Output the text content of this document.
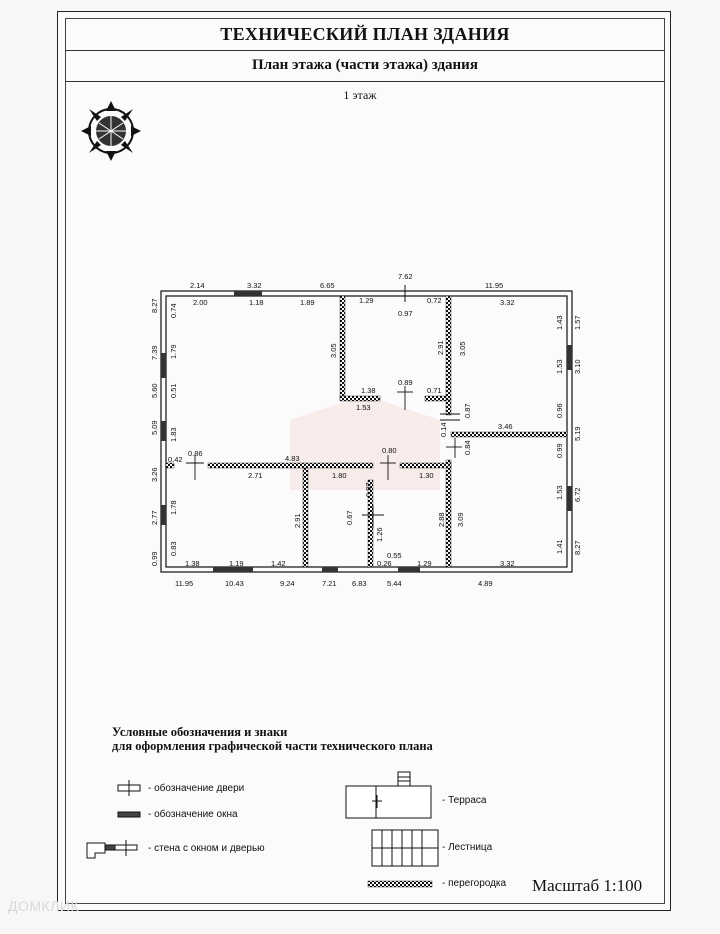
ТЕХНИЧЕСКИЙ ПЛАН ЗДАНИЯ
План этажа (части этажа) здания
1 этаж
2.14	3.32	6.65
7.62
11.95
2.00	1.18	1.89	1.29
0.97
0.72	3.32
8.27
7.39
5.60
5.09
3.26
2.77
0.99
0.74
1.79
0.51
1.83
1.78
0.83
1.57
3.10
5.19
6.72
8.27
1.43
1.53
0.96
0.99
1.53
1.41
11.95	10.43	9.24	7.21 6.83	5.44	4.89
1.38	1.19	1.42	0.26
0.55
1.29	3.32
3.05	2.91 3.05
1.38
0.89
0.71
1.53	0.87
0.14	3.46
0.84
0.80
0.42
0.86
4.83
2.71	1.80	1.30
0.97
2.91	0.67
1.26
2.88 3.09
Условные обозначения и знаки
для оформления графической части технического плана
- обозначение двери
- обозначение окна
- стена с окном и дверью
- Терраса
- Лестница
- перегородка Масштаб 1:100
ДОМКЛИК
